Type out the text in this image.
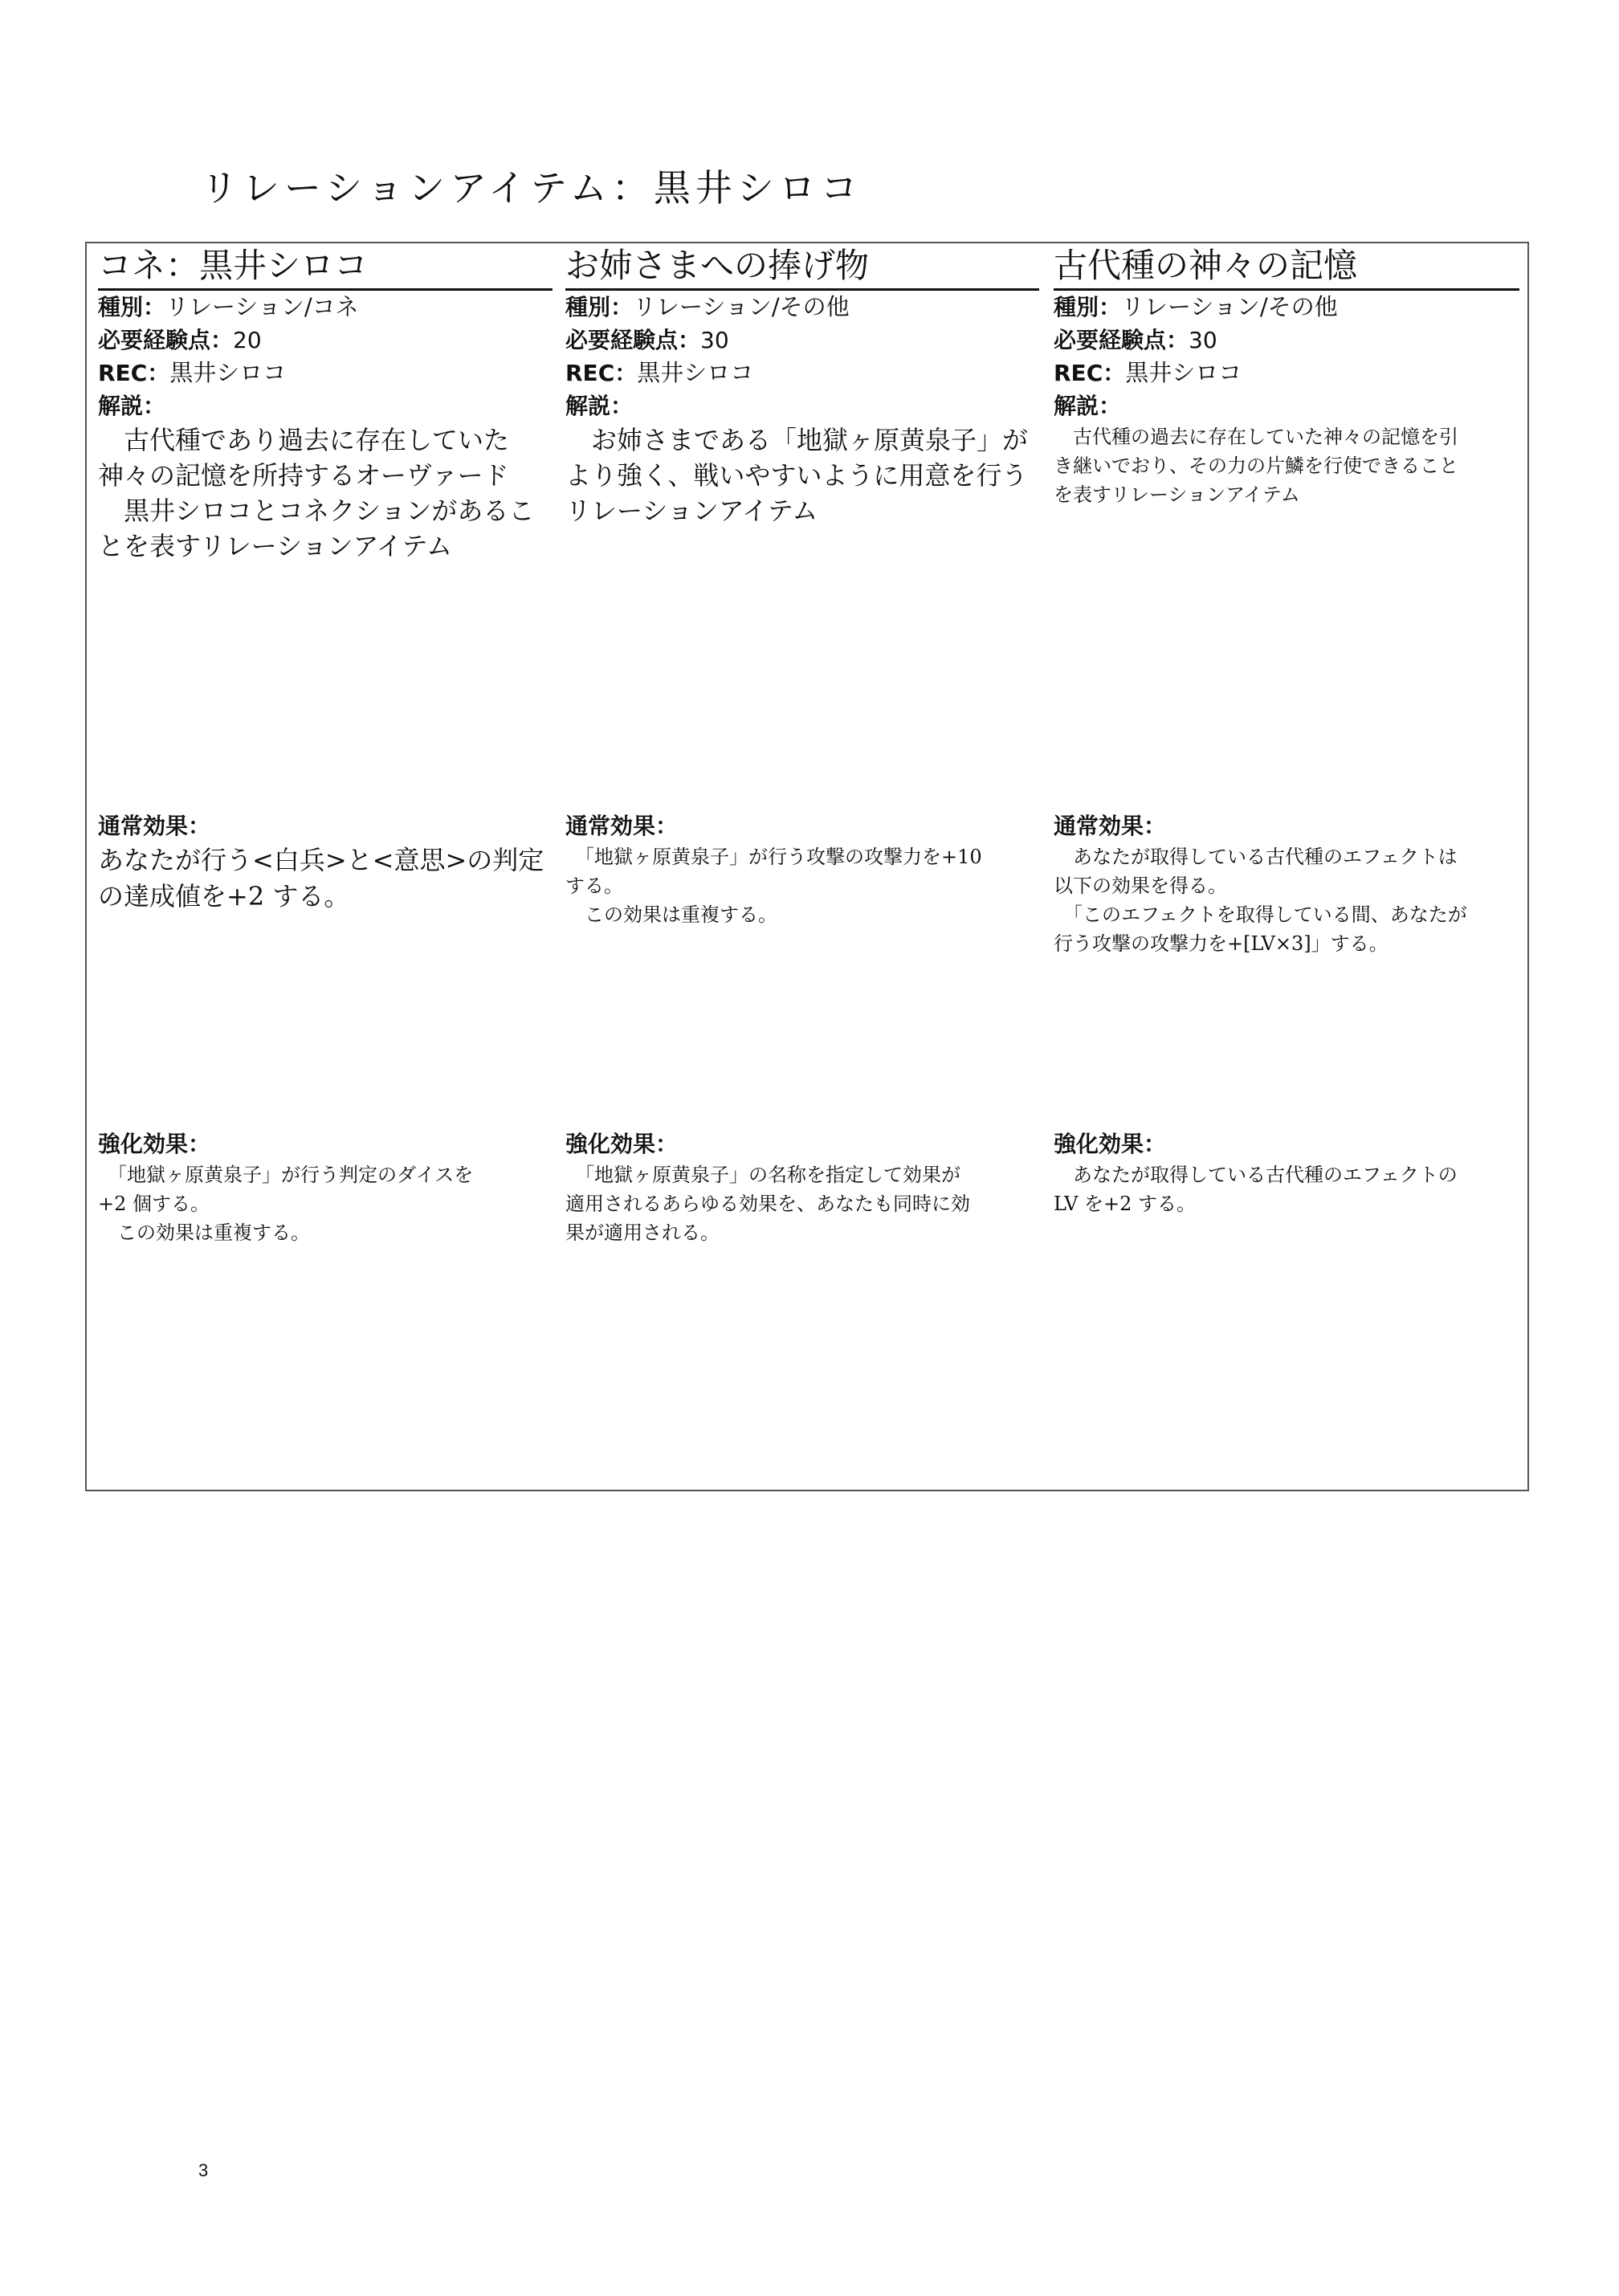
リレーションアイテム：黒井シロコ
コネ：黒井シロコ
種別：リレーション/コネ
必要経験点：20
REC：黒井シロコ
解説：

　古代種であり過去に存在していた
神々の記憶を所持するオーヴァード
　黒井シロコとコネクションがあるこ
とを表すリレーションアイテム

通常効果：

あなたが行う<白兵>と<意思>の判定
の達成値を+2 する。

強化効果：

　「地獄ヶ原黄泉子」が行う判定のダイスを
+2 個する。
　この効果は重複する。

お姉さまへの捧げ物
種別：リレーション/その他
必要経験点：30
REC：黒井シロコ
解説：

　お姉さまである「地獄ヶ原黄泉子」が
より強く、戦いやすいように用意を行う
リレーションアイテム

通常効果：

　「地獄ヶ原黄泉子」が行う攻撃の攻撃力を+10
する。
　この効果は重複する。

強化効果：

　「地獄ヶ原黄泉子」の名称を指定して効果が
適用されるあらゆる効果を、あなたも同時に効
果が適用される。

古代種の神々の記憶
種別：リレーション/その他
必要経験点：30
REC：黒井シロコ
解説：

　古代種の過去に存在していた神々の記憶を引
き継いでおり、その力の片鱗を行使できること
を表すリレーションアイテム

通常効果：

　あなたが取得している古代種のエフェクトは
以下の効果を得る。
　「このエフェクトを取得している間、あなたが
行う攻撃の攻撃力を+[LV×3]」する。

強化効果：

　あなたが取得している古代種のエフェクトの
LV を+2 する。

3
